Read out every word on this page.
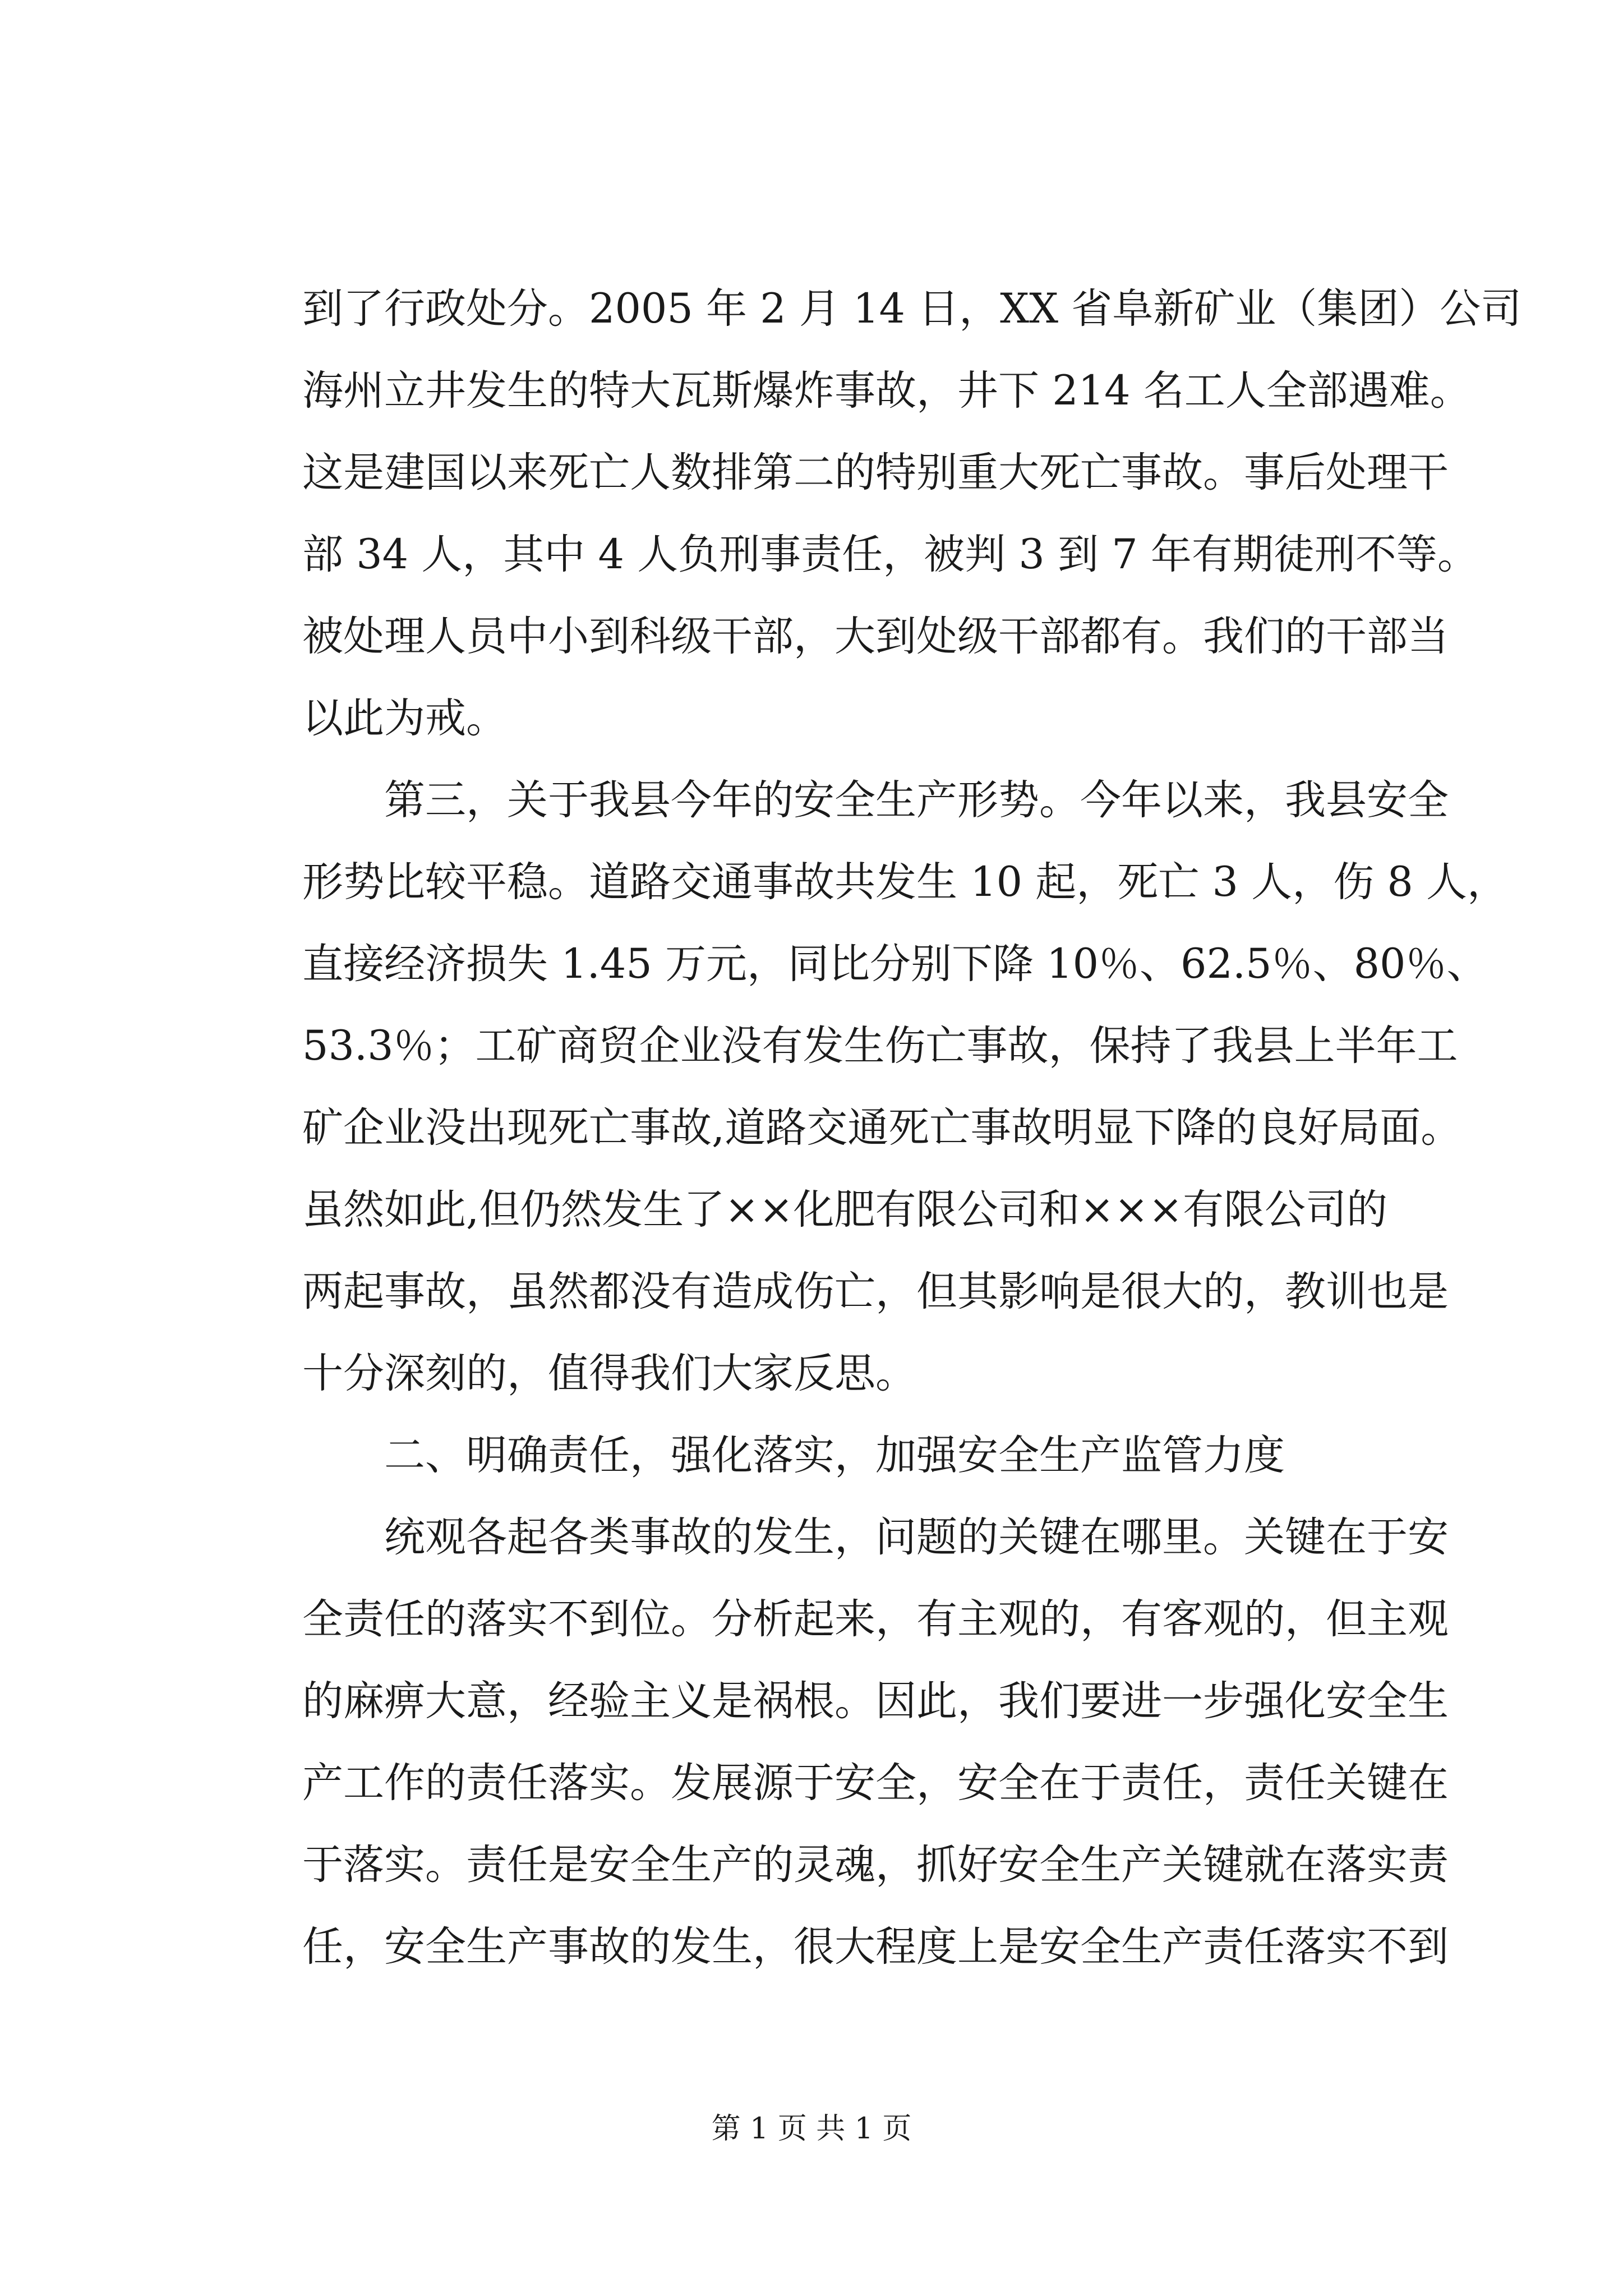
到了行政处分。2005 年 2 月 14 日，XX 省阜新矿业（集团）公司
海州立井发生的特大瓦斯爆炸事故，井下 214 名工人全部遇难。
这是建国以来死亡人数排第二的特别重大死亡事故。事后处理干
部 34 人，其中 4 人负刑事责任，被判 3 到 7 年有期徒刑不等。
被处理人员中小到科级干部，大到处级干部都有。我们的干部当
以此为戒。
第三，关于我县今年的安全生产形势。今年以来，我县安全
形势比较平稳。道路交通事故共发生 10 起，死亡 3 人，伤 8 人，
直接经济损失 1.45 万元，同比分别下降 10％、62.5％、80％、
53.3％；工矿商贸企业没有发生伤亡事故，保持了我县上半年工
矿企业没出现死亡事故,道路交通死亡事故明显下降的良好局面。
虽然如此,但仍然发生了××化肥有限公司和×××有限公司的
两起事故，虽然都没有造成伤亡，但其影响是很大的，教训也是
十分深刻的，值得我们大家反思。
二、明确责任，强化落实，加强安全生产监管力度
统观各起各类事故的发生，问题的关键在哪里。关键在于安
全责任的落实不到位。分析起来，有主观的，有客观的，但主观
的麻痹大意，经验主义是祸根。因此，我们要进一步强化安全生
产工作的责任落实。发展源于安全，安全在于责任，责任关键在
于落实。责任是安全生产的灵魂，抓好安全生产关键就在落实责
任，安全生产事故的发生，很大程度上是安全生产责任落实不到
第 1 页 共 1 页
